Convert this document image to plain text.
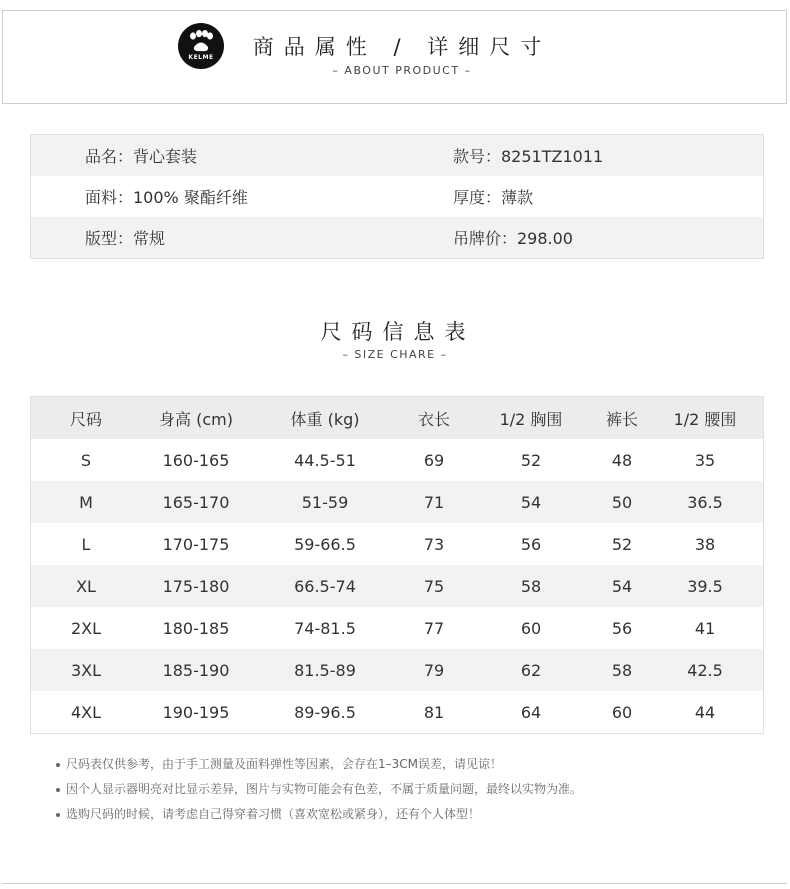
KELME	商品属性 / 详细尺寸
– ABOUT PRODUCT –
品名：背心套装	款号：8251TZ1011
面料：100% 聚酯纤维	厚度：薄款
版型：常规	吊牌价：298.00
尺码信息表
– SIZE CHARE –
尺码	身高 (cm)	体重 (kg)	衣长	1/2 胸围	裤长	1/2 腰围
S	160-165	44.5-51	69	52	48	35
M	165-170	51-59	71	54	50	36.5
L	170-175	59-66.5	73	56	52	38
XL	175-180	66.5-74	75	58	54	39.5
2XL	180-185	74-81.5	77	60	56	41
3XL	185-190	81.5-89	79	62	58	42.5
4XL	190-195	89-96.5	81	64	60	44
尺码表仅供参考，由于手工测量及面料弹性等因素，会存在1–3CM误差，请见谅！
因个人显示器明亮对比显示差异，图片与实物可能会有色差，不属于质量问题，最终以实物为准。
选购尺码的时候，请考虑自己得穿着习惯（喜欢宽松或紧身），还有个人体型！
